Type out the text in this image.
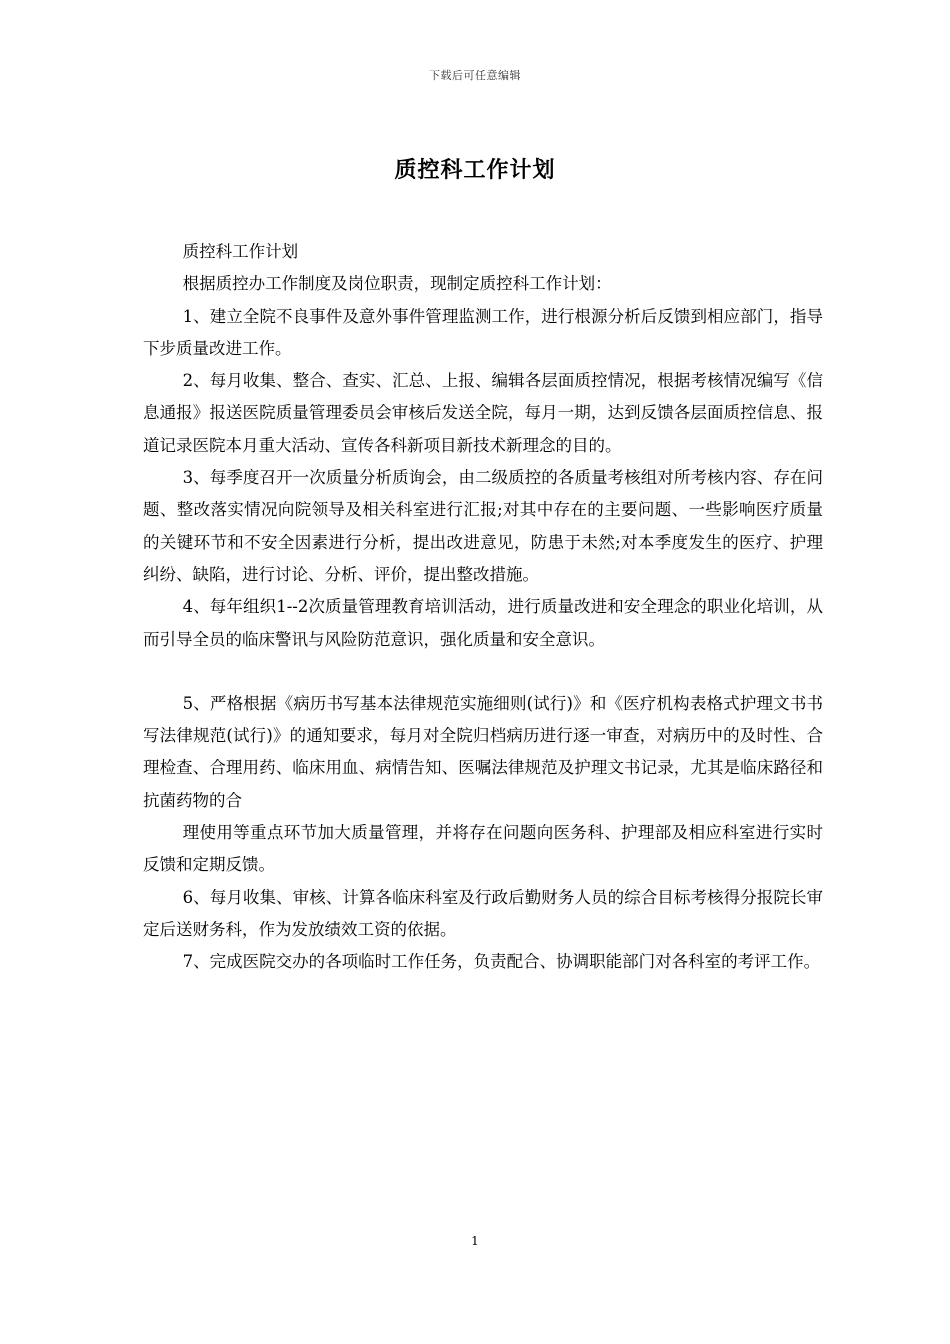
下载后可任意编辑
质控科工作计划

质控科工作计划

根据质控办工作制度及岗位职责，现制定质控科工作计划：

1、建立全院不良事件及意外事件管理监测工作，进行根源分析后反馈到相应部门，指导下步质量改进工作。

2、每月收集、整合、查实、汇总、上报、编辑各层面质控情况，根据考核情况编写《信息通报》报送医院质量管理委员会审核后发送全院，每月一期，达到反馈各层面质控信息、报道记录医院本月重大活动、宣传各科新项目新技术新理念的目的。

3、每季度召开一次质量分析质询会，由二级质控的各质量考核组对所考核内容、存在问题、整改落实情况向院领导及相关科室进行汇报;对其中存在的主要问题、一些影响医疗质量的关键环节和不安全因素进行分析，提出改进意见，防患于未然;对本季度发生的医疗、护理纠纷、缺陷，进行讨论、分析、评价，提出整改措施。

4、每年组织1--2次质量管理教育培训活动，进行质量改进和安全理念的职业化培训，从而引导全员的临床警讯与风险防范意识，强化质量和安全意识。

5、严格根据《病历书写基本法律规范实施细则(试行)》和《医疗机构表格式护理文书书写法律规范(试行)》的通知要求，每月对全院归档病历进行逐一审查，对病历中的及时性、合理检查、合理用药、临床用血、病情告知、医嘱法律规范及护理文书记录，尤其是临床路径和抗菌药物的合

理使用等重点环节加大质量管理，并将存在问题向医务科、护理部及相应科室进行实时反馈和定期反馈。

6、每月收集、审核、计算各临床科室及行政后勤财务人员的综合目标考核得分报院长审定后送财务科，作为发放绩效工资的依据。

7、完成医院交办的各项临时工作任务，负责配合、协调职能部门对各科室的考评工作。

1
